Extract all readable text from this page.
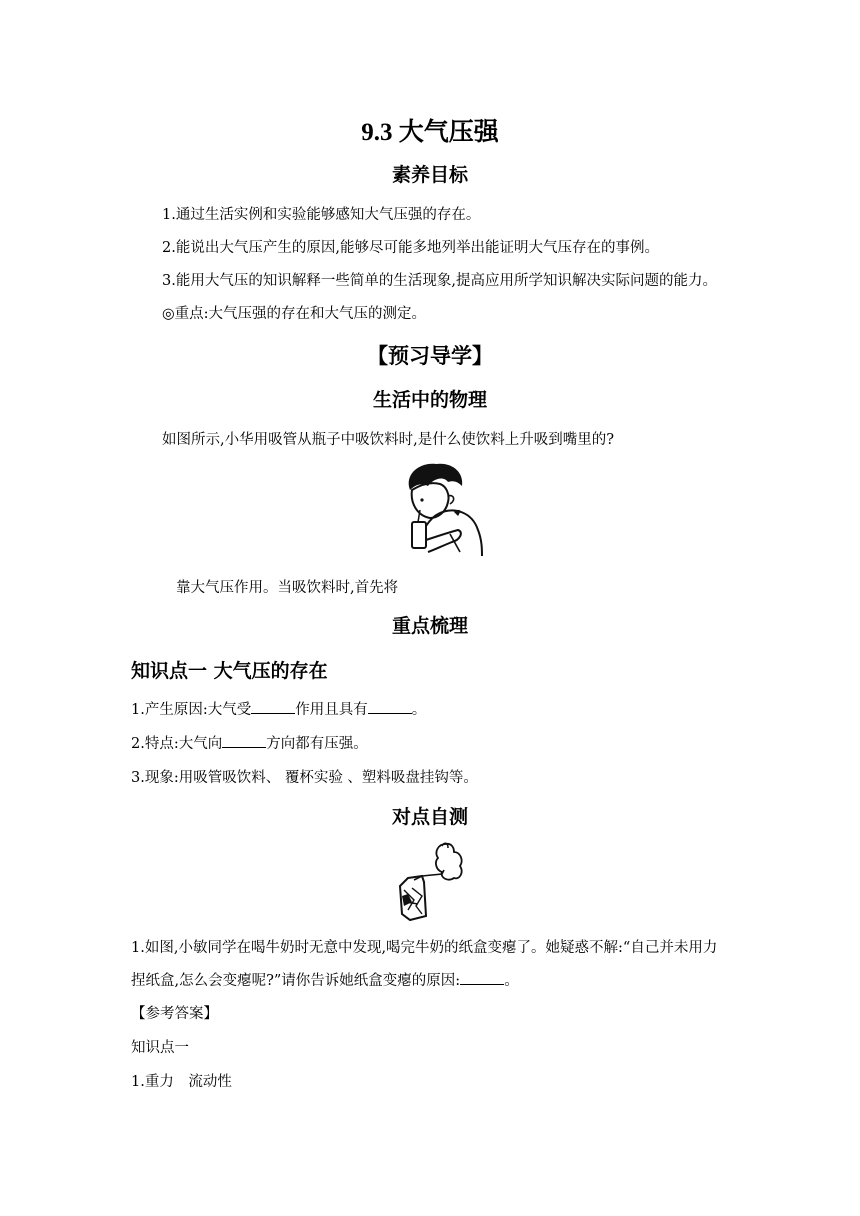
9.3 大气压强
素养目标
1.通过生活实例和实验能够感知大气压强的存在。
2.能说出大气压产生的原因,能够尽可能多地列举出能证明大气压存在的事例。
3.能用大气压的知识解释一些简单的生活现象,提高应用所学知识解决实际问题的能力。
◎重点:大气压强的存在和大气压的测定。
【预习导学】
生活中的物理
如图所示,小华用吸管从瓶子中吸饮料时,是什么使饮料上升吸到嘴里的?
靠大气压作用。当吸饮料时,首先将
重点梳理
知识点一 大气压的存在
1.产生原因:大气受	作用且具有	。
2.特点:大气向	方向都有压强。
3.现象:用吸管吸饮料、 覆杯实验 、塑料吸盘挂钩等。
对点自测
1.如图,小敏同学在喝牛奶时无意中发现,喝完牛奶的纸盒变瘪了。她疑惑不解:“自己并未用力
捏纸盒,怎么会变瘪呢?”请你告诉她纸盒变瘪的原因:	。
【参考答案】
知识点一
1.重力　流动性
